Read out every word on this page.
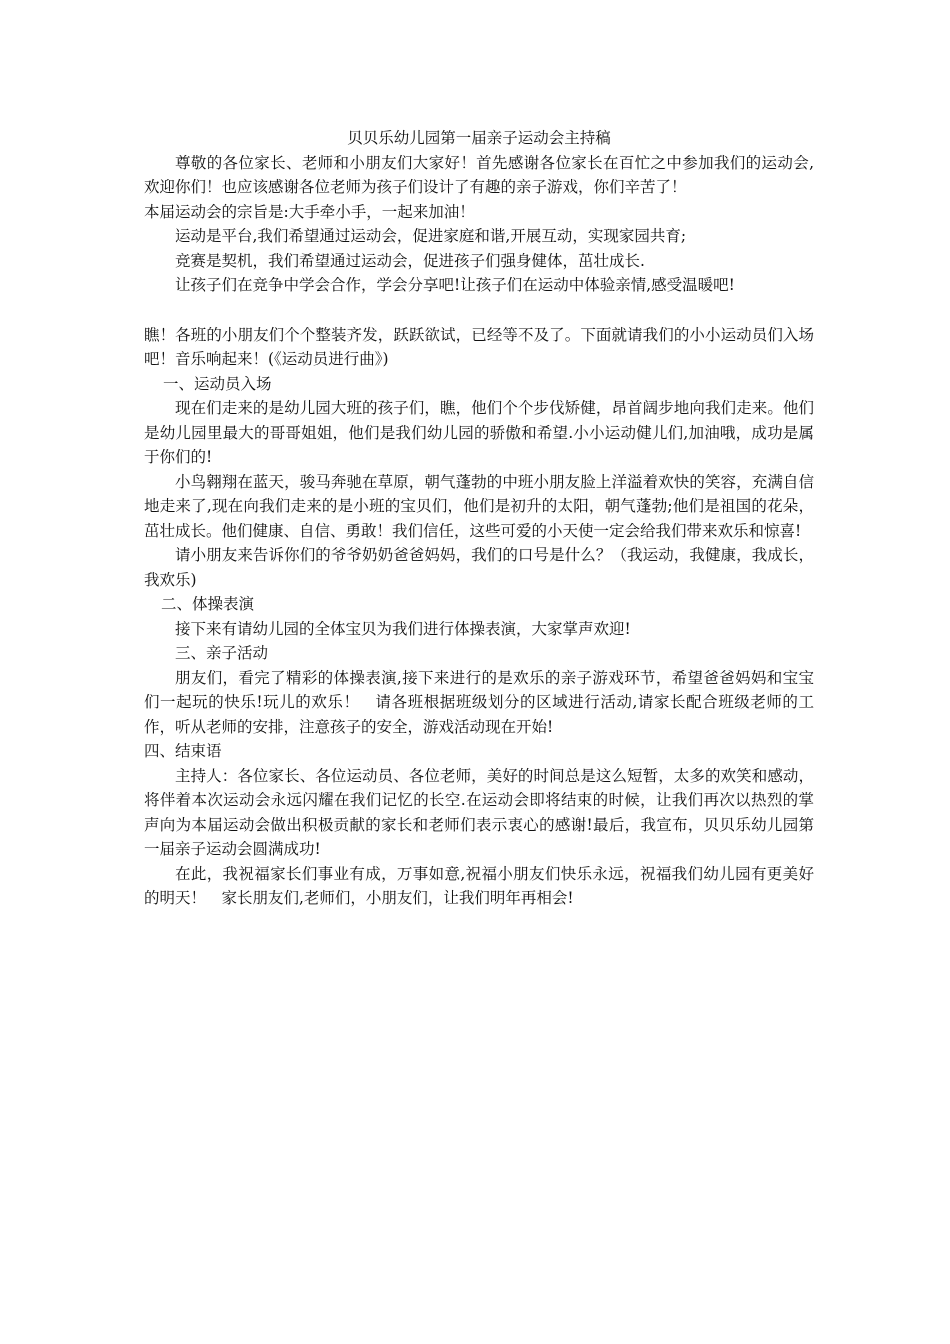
贝贝乐幼儿园第一届亲子运动会主持稿

尊敬的各位家长、老师和小朋友们大家好！首先感谢各位家长在百忙之中参加我们的运动会,欢迎你们！也应该感谢各位老师为孩子们设计了有趣的亲子游戏，你们辛苦了！

本届运动会的宗旨是:大手牵小手，一起来加油！

运动是平台,我们希望通过运动会，促进家庭和谐,开展互动，实现家园共育;

竞赛是契机，我们希望通过运动会，促进孩子们强身健体，茁壮成长.

让孩子们在竞争中学会合作，学会分享吧!让孩子们在运动中体验亲情,感受温暖吧!

瞧！各班的小朋友们个个整装齐发，跃跃欲试，已经等不及了。下面就请我们的小小运动员们入场吧！音乐响起来！(《运动员进行曲》)

一、运动员入场

现在们走来的是幼儿园大班的孩子们，瞧，他们个个步伐矫健，昂首阔步地向我们走来。他们是幼儿园里最大的哥哥姐姐，他们是我们幼儿园的骄傲和希望.小小运动健儿们,加油哦，成功是属于你们的!

小鸟翱翔在蓝天，骏马奔驰在草原，朝气蓬勃的中班小朋友脸上洋溢着欢快的笑容，充满自信地走来了,现在向我们走来的是小班的宝贝们，他们是初升的太阳，朝气蓬勃;他们是祖国的花朵，茁壮成长。他们健康、自信、勇敢！我们信任，这些可爱的小天使一定会给我们带来欢乐和惊喜!

请小朋友来告诉你们的爷爷奶奶爸爸妈妈，我们的口号是什么？（我运动，我健康，我成长，我欢乐)

二、体操表演

接下来有请幼儿园的全体宝贝为我们进行体操表演，大家掌声欢迎!

三、亲子活动

朋友们，看完了精彩的体操表演,接下来进行的是欢乐的亲子游戏环节，希望爸爸妈妈和宝宝们一起玩的快乐!玩儿的欢乐！　请各班根据班级划分的区域进行活动,请家长配合班级老师的工作，听从老师的安排，注意孩子的安全，游戏活动现在开始!

四、结束语

主持人：各位家长、各位运动员、各位老师，美好的时间总是这么短暂，太多的欢笑和感动，将伴着本次运动会永远闪耀在我们记忆的长空.在运动会即将结束的时候，让我们再次以热烈的掌声向为本届运动会做出积极贡献的家长和老师们表示衷心的感谢!最后，我宣布，贝贝乐幼儿园第一届亲子运动会圆满成功!

在此，我祝福家长们事业有成，万事如意,祝福小朋友们快乐永远，祝福我们幼儿园有更美好的明天！　家长朋友们,老师们，小朋友们，让我们明年再相会!
